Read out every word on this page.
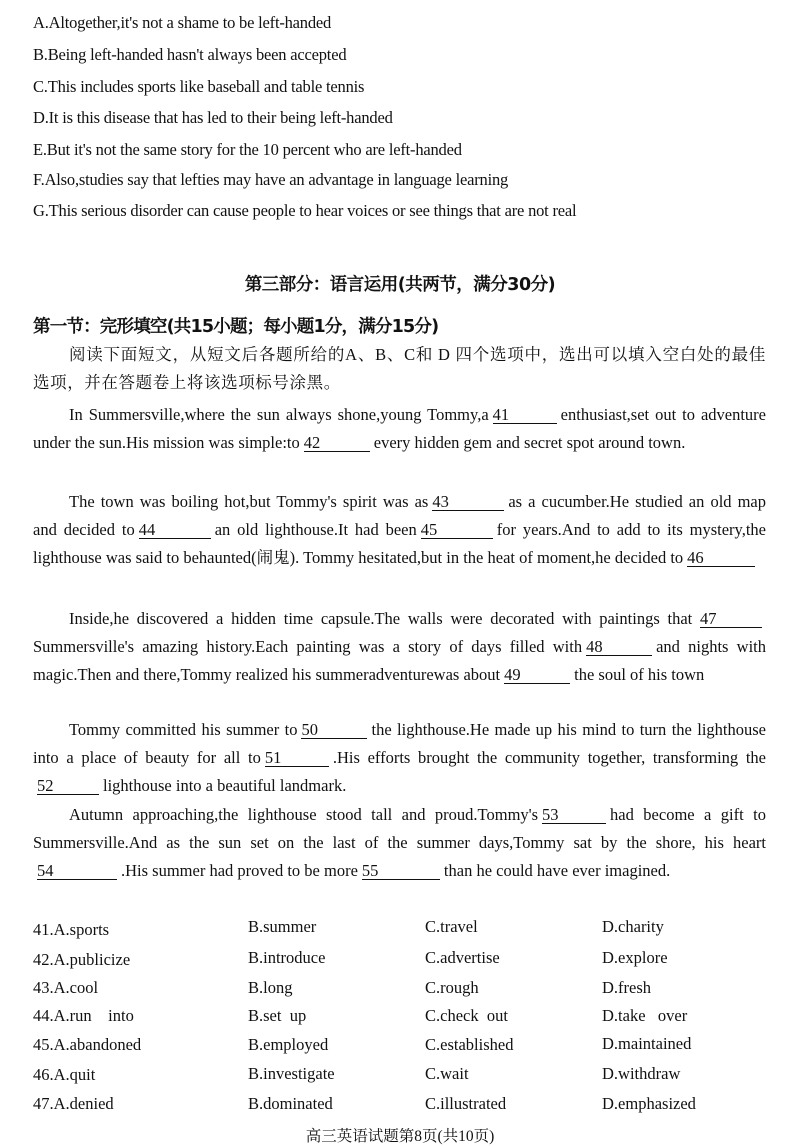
A.Altogether,it's not a shame to be left-handed
B.Being left-handed hasn't always been accepted
C.This includes sports like baseball and table tennis
D.It is this disease that has led to their being left-handed
E.But it's not the same story for the 10 percent who are left-handed
F.Also,studies say that lefties may have an advantage in language learning
G.This serious disorder can cause people to hear voices or see things that are not real
第三部分：语言运用(共两节，满分30分)
第一节：完形填空(共15小题；每小题1分，满分15分)
阅读下面短文，从短文后各题所给的A、B、C和 D 四个选项中，选出可以填入空白处的最佳选项，并在答题卷上将该选项标号涂黑。
In Summersville,where the sun always shone,young Tommy,a 41	enthusiast,set out to adventure under the sun.His mission was simple:to 42	every hidden gem and secret spot around town.
The town was boiling hot,but Tommy's spirit was as 43	as a cucumber.He studied an old map and decided to 44	an old lighthouse.It had been 45	for years.And to add to its mystery,the lighthouse was said to behaunted(闹鬼). Tommy hesitated,but in the heat of moment,he decided to 46
Inside,he discovered a hidden time capsule.The walls were decorated with paintings that 47Summersville's amazing history.Each painting was a story of days filled with 48	and nights with magic.Then and there,Tommy realized his summeradventurewas about 49	the soul of his town
Tommy committed his summer to 50	the lighthouse.He made up his mind to turn the lighthouse into a place of beauty for all to 51	.His efforts brought the community together, transforming the52	lighthouse into a beautiful landmark.
Autumn approaching,the lighthouse stood tall and proud.Tommy's 53	had become a gift to Summersville.And as the sun set on the last of the summer days,Tommy sat by the shore, his heart54	.His summer had proved to be more 55	than he could have ever imagined.
41.A.sports	B.summer	C.travel	D.charity
42.A.publicize	B.introduce	C.advertise	D.explore
43.A.cool	B.long	C.rough	D.fresh
44.A.run    into	B.set  up	C.check  out	D.take   over
45.A.abandoned	B.employed	C.established	D.maintained
46.A.quit	B.investigate	C.wait	D.withdraw
47.A.denied	B.dominated	C.illustrated	D.emphasized
高三英语试题第8页(共10页)
